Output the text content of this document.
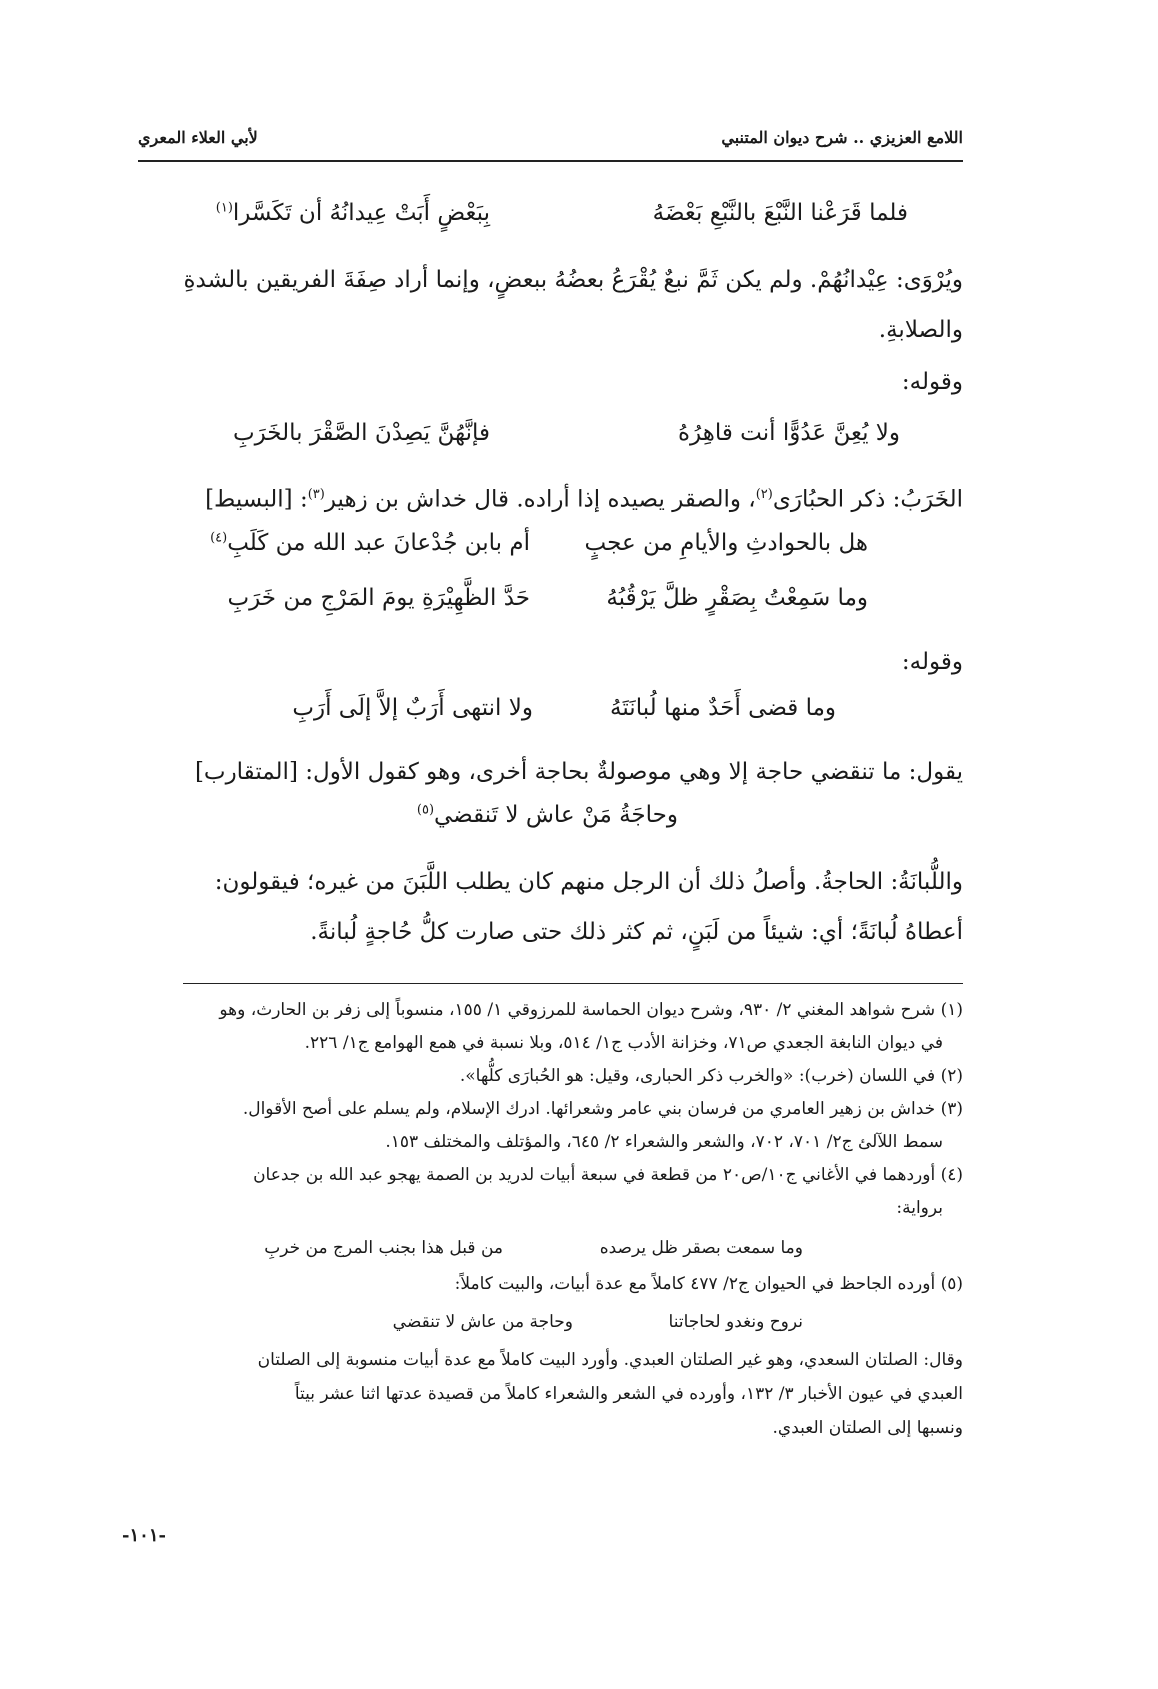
اللامع العزيزي .. شرح ديوان المتنبي
لأبي العلاء المعري
فلما قَرَعْنا النَّبْعَ بالنَّبْعِ بَعْضَهُ
بِبَعْضٍ أَبَتْ عِيدانُهُ أن تَكَسَّرا$^{(١)}$
ويُرْوَى: عِيْدانُهُمْ. ولم يكن ثَمَّ نبعٌ يُقْرَعُ بعضُهُ ببعضٍ، وإنما أراد صِفَةَ الفريقين بالشدةِ
والصلابةِ.
وقوله:
ولا يُعِنَّ عَدُوًّا أنت قاهِرُهُ
فإنَّهُنَّ يَصِدْنَ الصَّقْرَ بالخَرَبِ
الخَرَبُ: ذكر الحبُارَى$^{(٢)}$، والصقر يصيده إذا أراده. قال خداش بن زهير$^{(٣)}$: [البسيط]
هل بالحوادثِ والأيامِ من عجبٍ
أم بابن جُدْعانَ عبد الله من كَلَبِ$^{(٤)}$
وما سَمِعْتُ بِصَقْرٍ ظلَّ يَرْقُبُهُ
حَدَّ الظَّهِيْرَةِ يومَ المَرْجِ من خَرَبِ
وقوله:
وما قضى أَحَدٌ منها لُبانَتَهُ
ولا انتهى أَرَبٌ إلاَّ إلَى أَرَبِ
يقول: ما تنقضي حاجة إلا وهي موصولةٌ بحاجة أخرى، وهو كقول الأول: [المتقارب]
وحاجَةُ مَنْ عاش لا تَنقضي$^{(٥)}$
واللُّبانَةُ: الحاجةُ. وأصلُ ذلك أن الرجل منهم كان يطلب اللَّبَنَ من غيره؛ فيقولون:
أعطاهُ لُبانَةً؛ أي: شيئاً من لَبَنٍ، ثم كثر ذلك حتى صارت كلُّ حُاجةٍ لُبانةً.
(١) شرح شواهد المغني ٢/ ٩٣٠، وشرح ديوان الحماسة للمرزوقي ١/ ١٥٥، منسوباً إلى زفر بن الحارث، وهو
في ديوان النابغة الجعدي ص٧١، وخزانة الأدب ج١/ ٥١٤، وبلا نسبة في همع الهوامع ج١/ ٢٢٦.
(٢) في اللسان (خرب): «والخرب ذكر الحبارى، وقيل: هو الحُبارَى كلُّها».
(٣) خداش بن زهير العامري من فرسان بني عامر وشعرائها. ادرك الإسلام، ولم يسلم على أصح الأقوال.
سمط اللآلئ ج٢/ ٧٠١، ٧٠٢، والشعر والشعراء ٢/ ٦٤٥، والمؤتلف والمختلف ١٥٣.
(٤) أوردهما في الأغاني ج١٠/ص٢٠ من قطعة في سبعة أبيات لدريد بن الصمة يهجو عبد الله بن جدعان
برواية:
وما سمعت بصقر ظل يرصده
من قبل هذا بجنب المرج من خربِ
(٥) أورده الجاحظ في الحيوان ج٢/ ٤٧٧ كاملاً مع عدة أبيات، والبيت كاملاً:
نروح ونغدو لحاجاتنا
وحاجة من عاش لا تنقضي
وقال: الصلتان السعدي، وهو غير الصلتان العبدي. وأورد البيت كاملاً مع عدة أبيات منسوبة إلى الصلتان
العبدي في عيون الأخبار ٣/ ١٣٢، وأورده في الشعر والشعراء كاملاً من قصيدة عدتها اثنا عشر بيتاً
ونسبها إلى الصلتان العبدي.
-١٠١-
